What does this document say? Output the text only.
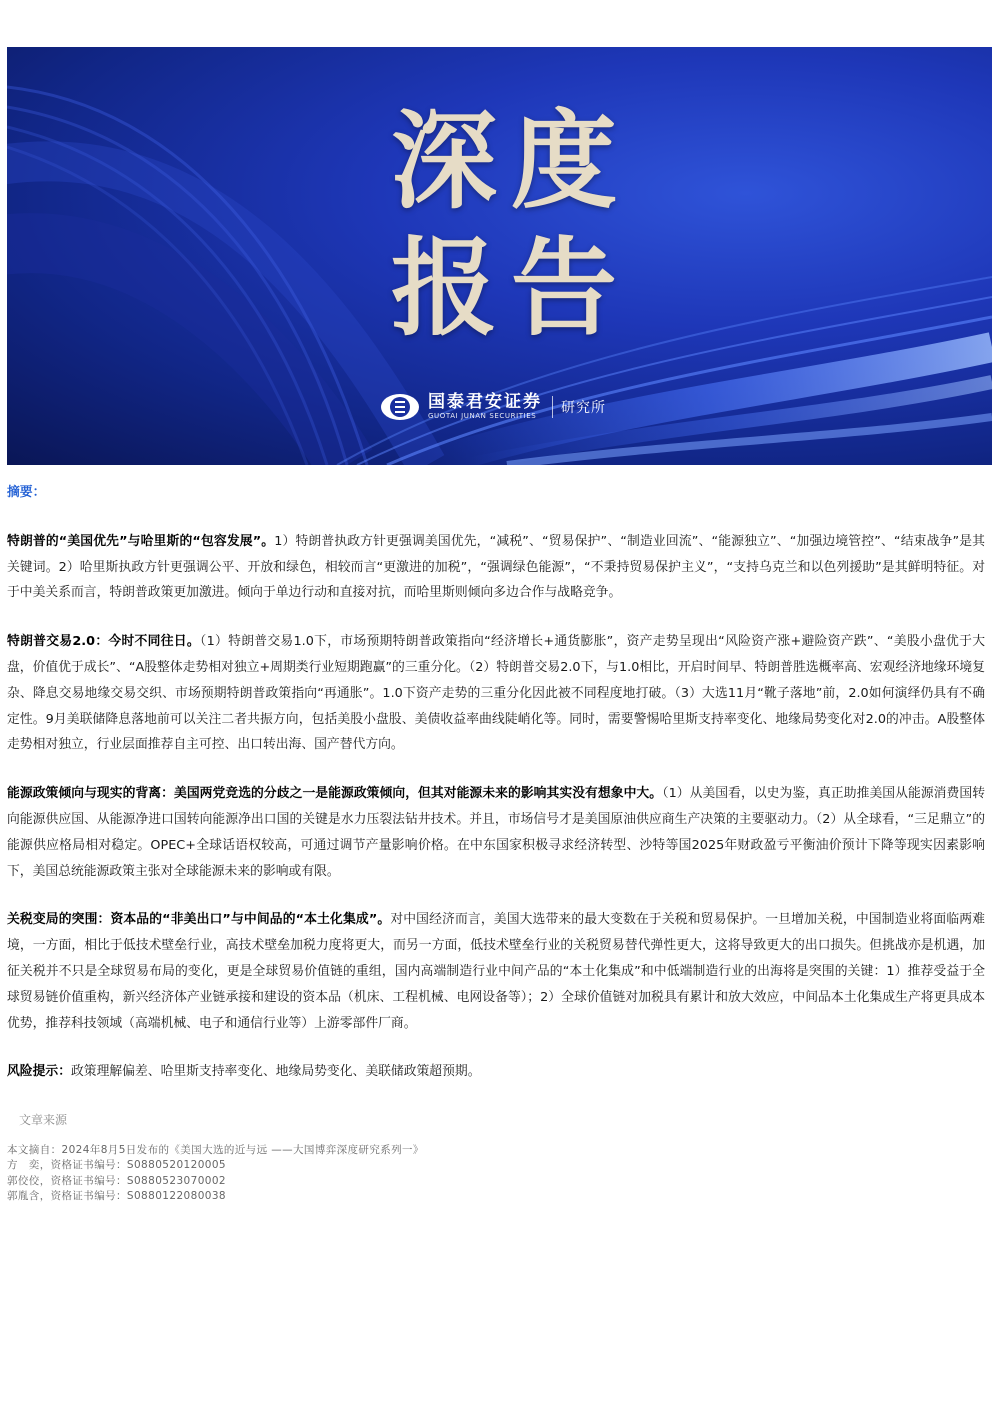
深度
报告
国泰君安证券
GUOTAI JUNAN SECURITIES
研究所
摘要：

特朗普的“美国优先”与哈里斯的“包容发展”。1）特朗普执政方针更强调美国优先，“减税”、“贸易保护”、“制造业回流”、“能源独立”、“加强边境管控”、“结束战争”是其关键词。2）哈里斯执政方针更强调公平、开放和绿色，相较而言“更激进的加税”，“强调绿色能源”，“不秉持贸易保护主义”，“支持乌克兰和以色列援助”是其鲜明特征。对于中美关系而言，特朗普政策更加激进。倾向于单边行动和直接对抗，而哈里斯则倾向多边合作与战略竞争。

特朗普交易2.0：今时不同往日。（1）特朗普交易1.0下，市场预期特朗普政策指向“经济增长+通货膨胀”，资产走势呈现出“风险资产涨+避险资产跌”、“美股小盘优于大盘，价值优于成长”、“A股整体走势相对独立+周期类行业短期跑赢”的三重分化。（2）特朗普交易2.0下，与1.0相比，开启时间早、特朗普胜选概率高、宏观经济地缘环境复杂、降息交易地缘交易交织、市场预期特朗普政策指向“再通胀”。1.0下资产走势的三重分化因此被不同程度地打破。（3）大选11月“靴子落地”前，2.0如何演绎仍具有不确定性。9月美联储降息落地前可以关注二者共振方向，包括美股小盘股、美债收益率曲线陡峭化等。同时，需要警惕哈里斯支持率变化、地缘局势变化对2.0的冲击。A股整体走势相对独立，行业层面推荐自主可控、出口转出海、国产替代方向。

能源政策倾向与现实的背离：美国两党竞选的分歧之一是能源政策倾向，但其对能源未来的影响其实没有想象中大。（1）从美国看，以史为鉴，真正助推美国从能源消费国转向能源供应国、从能源净进口国转向能源净出口国的关键是水力压裂法钻井技术。并且，市场信号才是美国原油供应商生产决策的主要驱动力。（2）从全球看，“三足鼎立”的能源供应格局相对稳定。OPEC+全球话语权较高，可通过调节产量影响价格。在中东国家积极寻求经济转型、沙特等国2025年财政盈亏平衡油价预计下降等现实因素影响下，美国总统能源政策主张对全球能源未来的影响或有限。

关税变局的突围：资本品的“非美出口”与中间品的“本土化集成”。对中国经济而言，美国大选带来的最大变数在于关税和贸易保护。一旦增加关税，中国制造业将面临两难境，一方面，相比于低技术壁垒行业，高技术壁垒加税力度将更大，而另一方面，低技术壁垒行业的关税贸易替代弹性更大，这将导致更大的出口损失。但挑战亦是机遇，加征关税并不只是全球贸易布局的变化，更是全球贸易价值链的重组，国内高端制造行业中间产品的“本土化集成”和中低端制造行业的出海将是突围的关键：1）推荐受益于全球贸易链价值重构，新兴经济体产业链承接和建设的资本品（机床、工程机械、电网设备等）；2）全球价值链对加税具有累计和放大效应，中间品本土化集成生产将更具成本优势，推荐科技领域（高端机械、电子和通信行业等）上游零部件厂商。

风险提示：政策理解偏差、哈里斯支持率变化、地缘局势变化、美联储政策超预期。

文章来源
本文摘自：2024年8月5日发布的《美国大选的近与远 ——大国博弈深度研究系列一》
方　奕，资格证书编号：S0880520120005
郭佼佼，资格证书编号：S0880523070002
郭胤含，资格证书编号：S0880122080038
